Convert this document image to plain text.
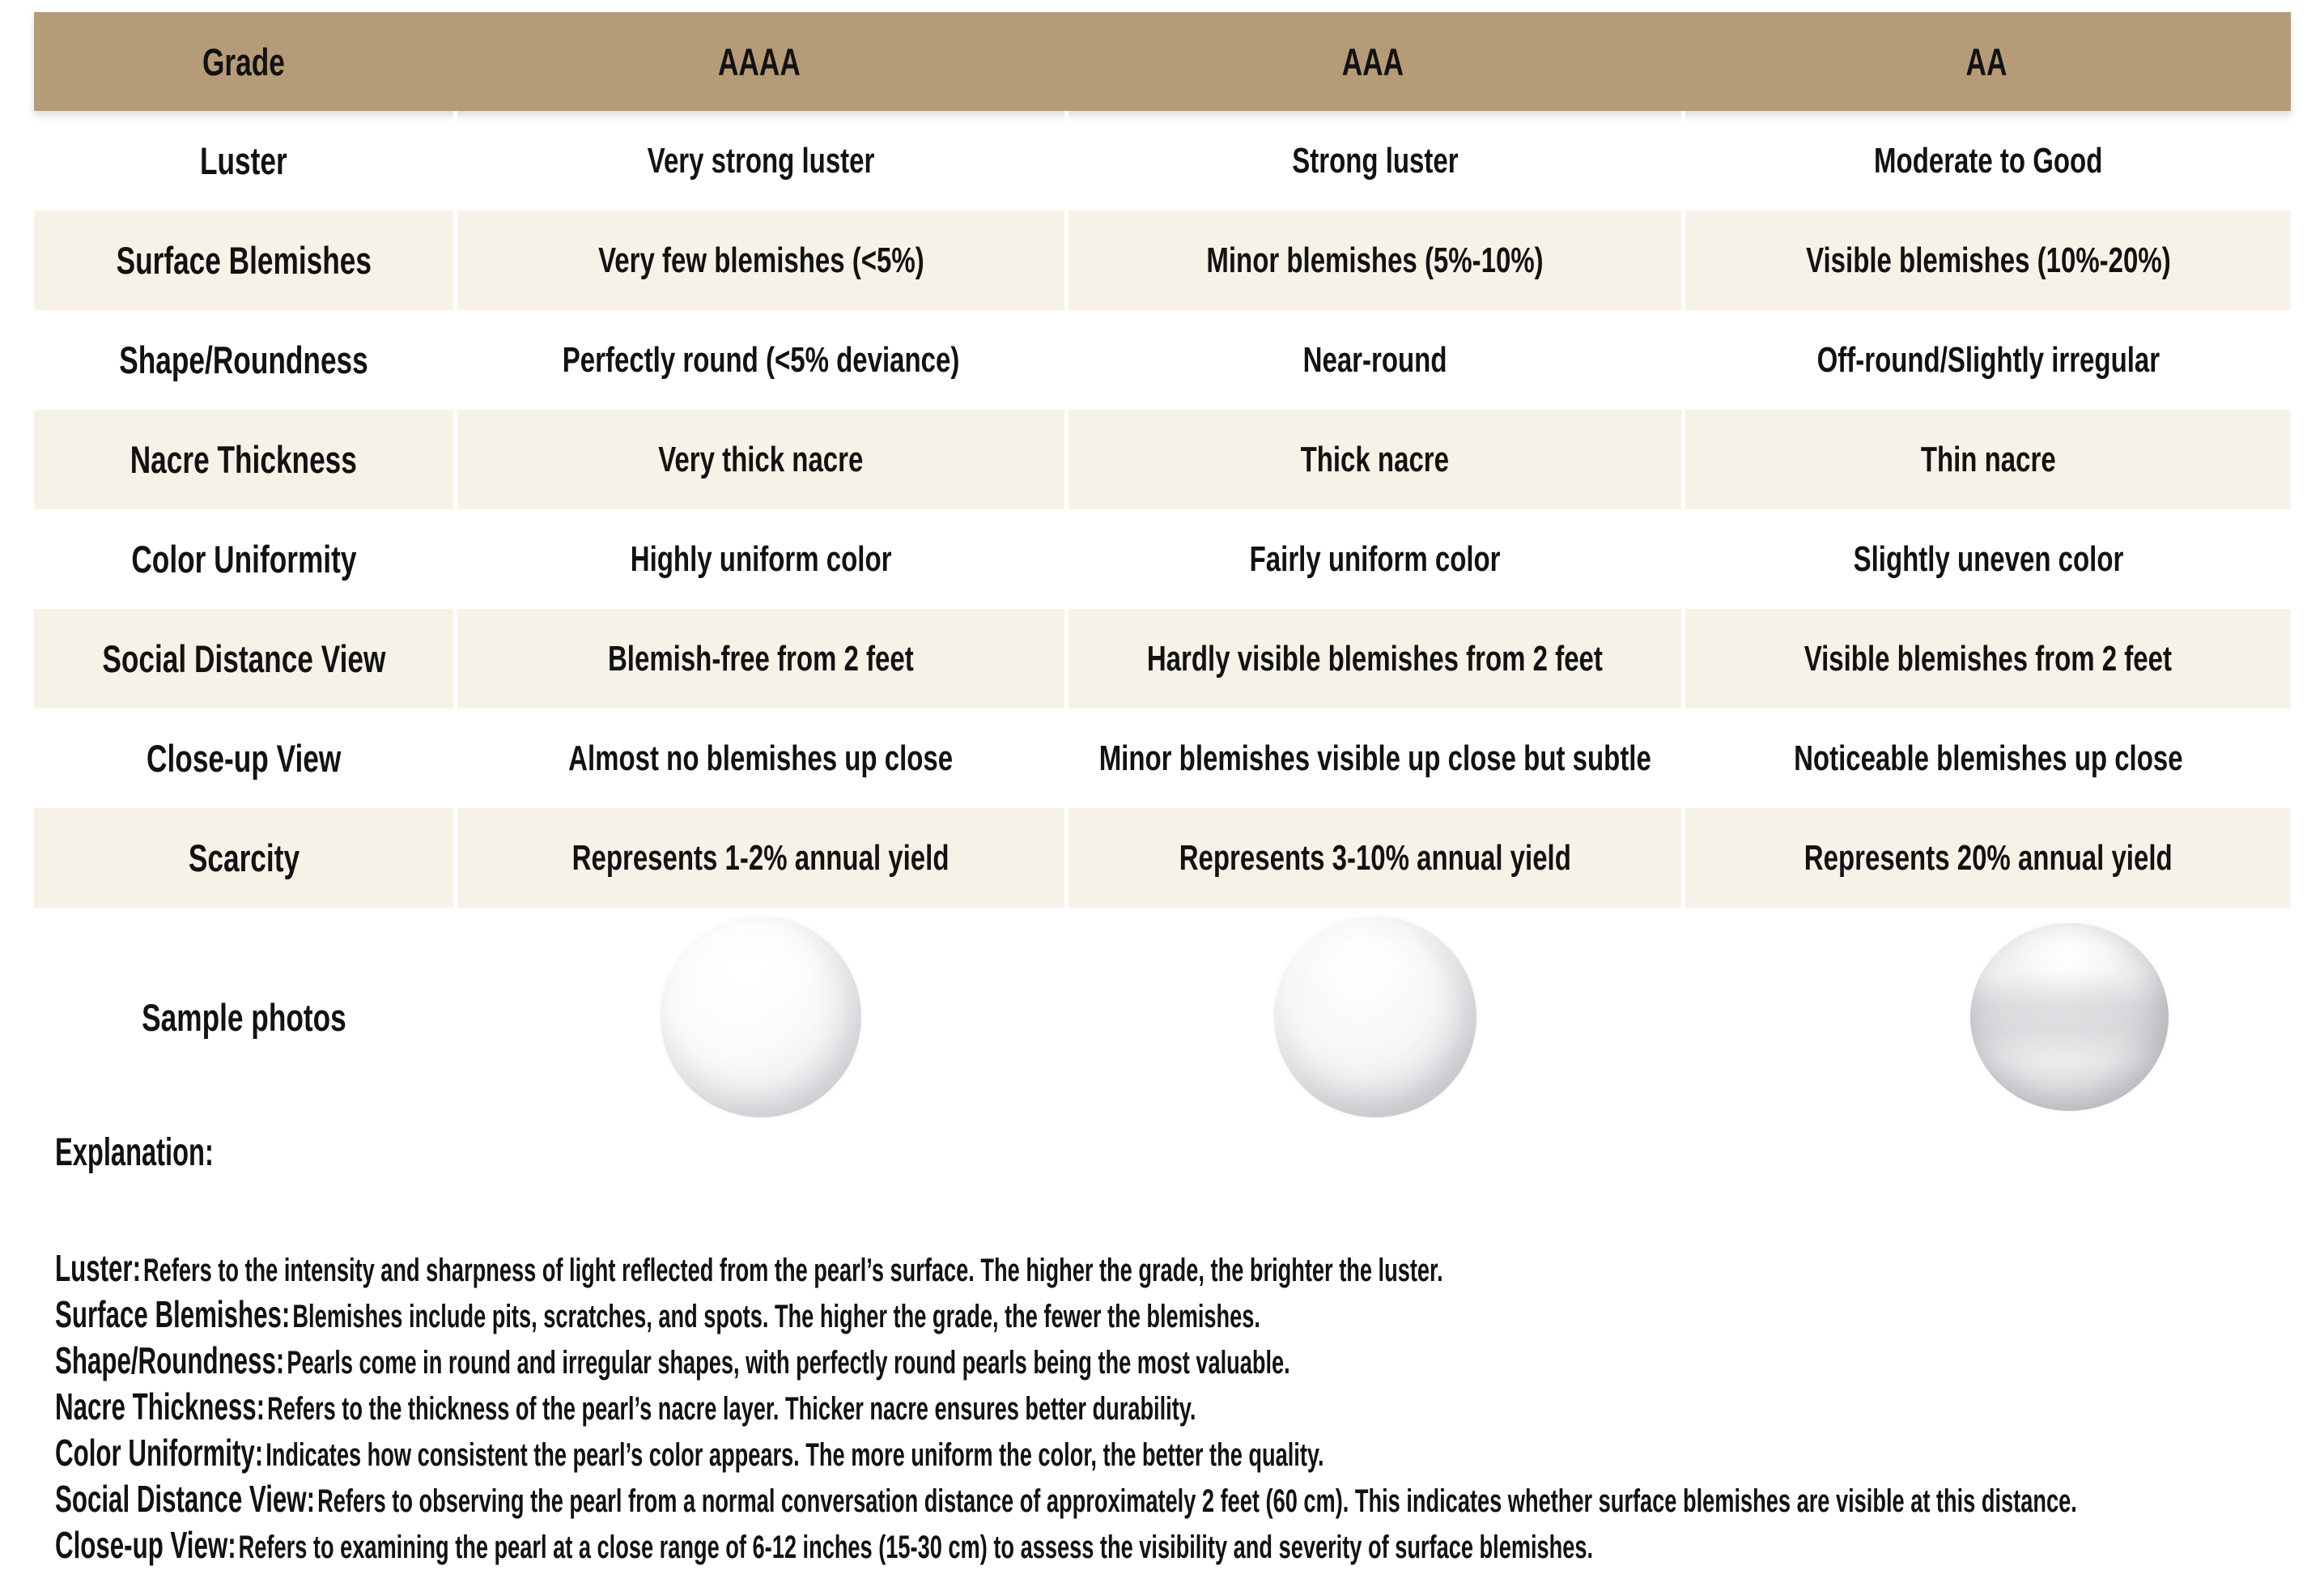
Grade	AAAA	AAA	AA
Luster	Very strong luster	Strong luster	Moderate to Good
Surface Blemishes	Very few blemishes (<5%)	Minor blemishes (5%-10%)	Visible blemishes (10%-20%)
Shape/Roundness	Perfectly round (<5% deviance)	Near-round	Off-round/Slightly irregular
Nacre Thickness	Very thick nacre	Thick nacre	Thin nacre
Color Uniformity	Highly uniform color	Fairly uniform color	Slightly uneven color
Social Distance View	Blemish-free from 2 feet	Hardly visible blemishes from 2 feet	Visible blemishes from 2 feet
Close-up View	Almost no blemishes up close	Minor blemishes visible up close but subtle	Noticeable blemishes up close
Scarcity	Represents 1-2% annual yield	Represents 3-10% annual yield	Represents 20% annual yield
Sample photos
Explanation:
Luster: Refers to the intensity and sharpness of light reflected from the pearl’s surface. The higher the grade, the brighter the luster.
Surface Blemishes: Blemishes include pits, scratches, and spots. The higher the grade, the fewer the blemishes.
Shape/Roundness: Pearls come in round and irregular shapes, with perfectly round pearls being the most valuable.
Nacre Thickness: Refers to the thickness of the pearl’s nacre layer. Thicker nacre ensures better durability.
Color Uniformity: Indicates how consistent the pearl’s color appears. The more uniform the color, the better the quality.
Social Distance View: Refers to observing the pearl from a normal conversation distance of approximately 2 feet (60 cm). This indicates whether surface blemishes are visible at this distance.
Close-up View: Refers to examining the pearl at a close range of 6-12 inches (15-30 cm) to assess the visibility and severity of surface blemishes.
